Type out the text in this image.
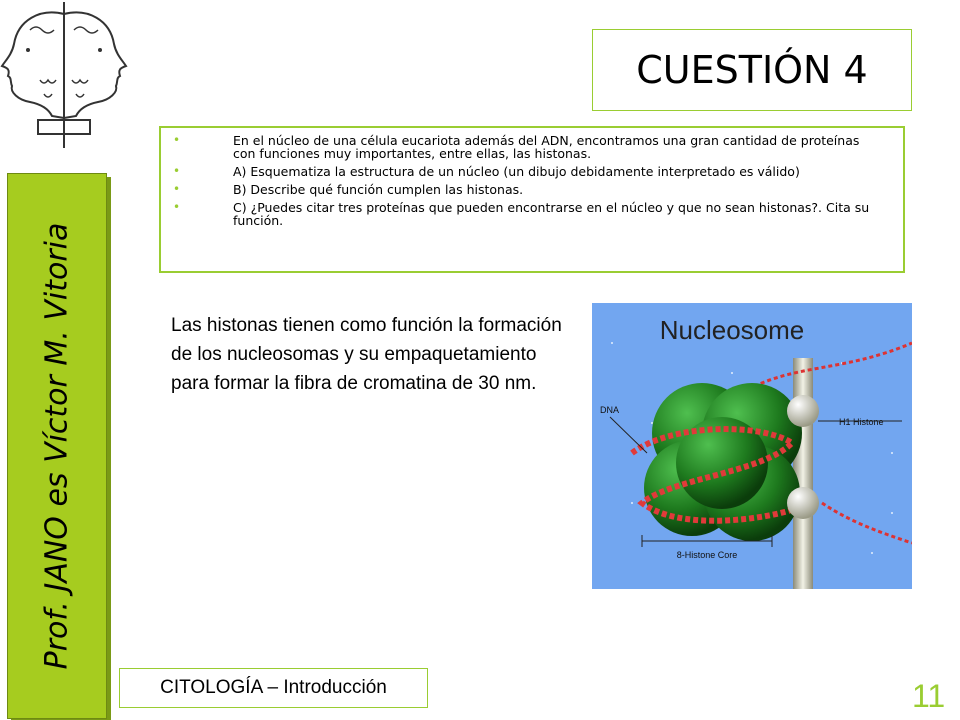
Prof. JANO es Víctor M. Vitoria
CUESTIÓN 4
•	En el núcleo de una célula eucariota además del ADN, encontramos una gran cantidad de proteínas con funciones muy importantes, entre ellas, las histonas.
•	A) Esquematiza la estructura de un núcleo (un dibujo debidamente interpretado es válido)
•	B) Describe qué función cumplen las histonas.
•	C) ¿Puedes citar tres proteínas que pueden encontrarse en el núcleo y que no sean histonas?. Cita su función.
Las histonas tienen como función la formación de los nucleosomas y su empaquetamiento para formar la fibra de cromatina de 30 nm.
Nucleosome
DNA
H1 Histone
8-Histone Core
CITOLOGÍA – Introducción	11
